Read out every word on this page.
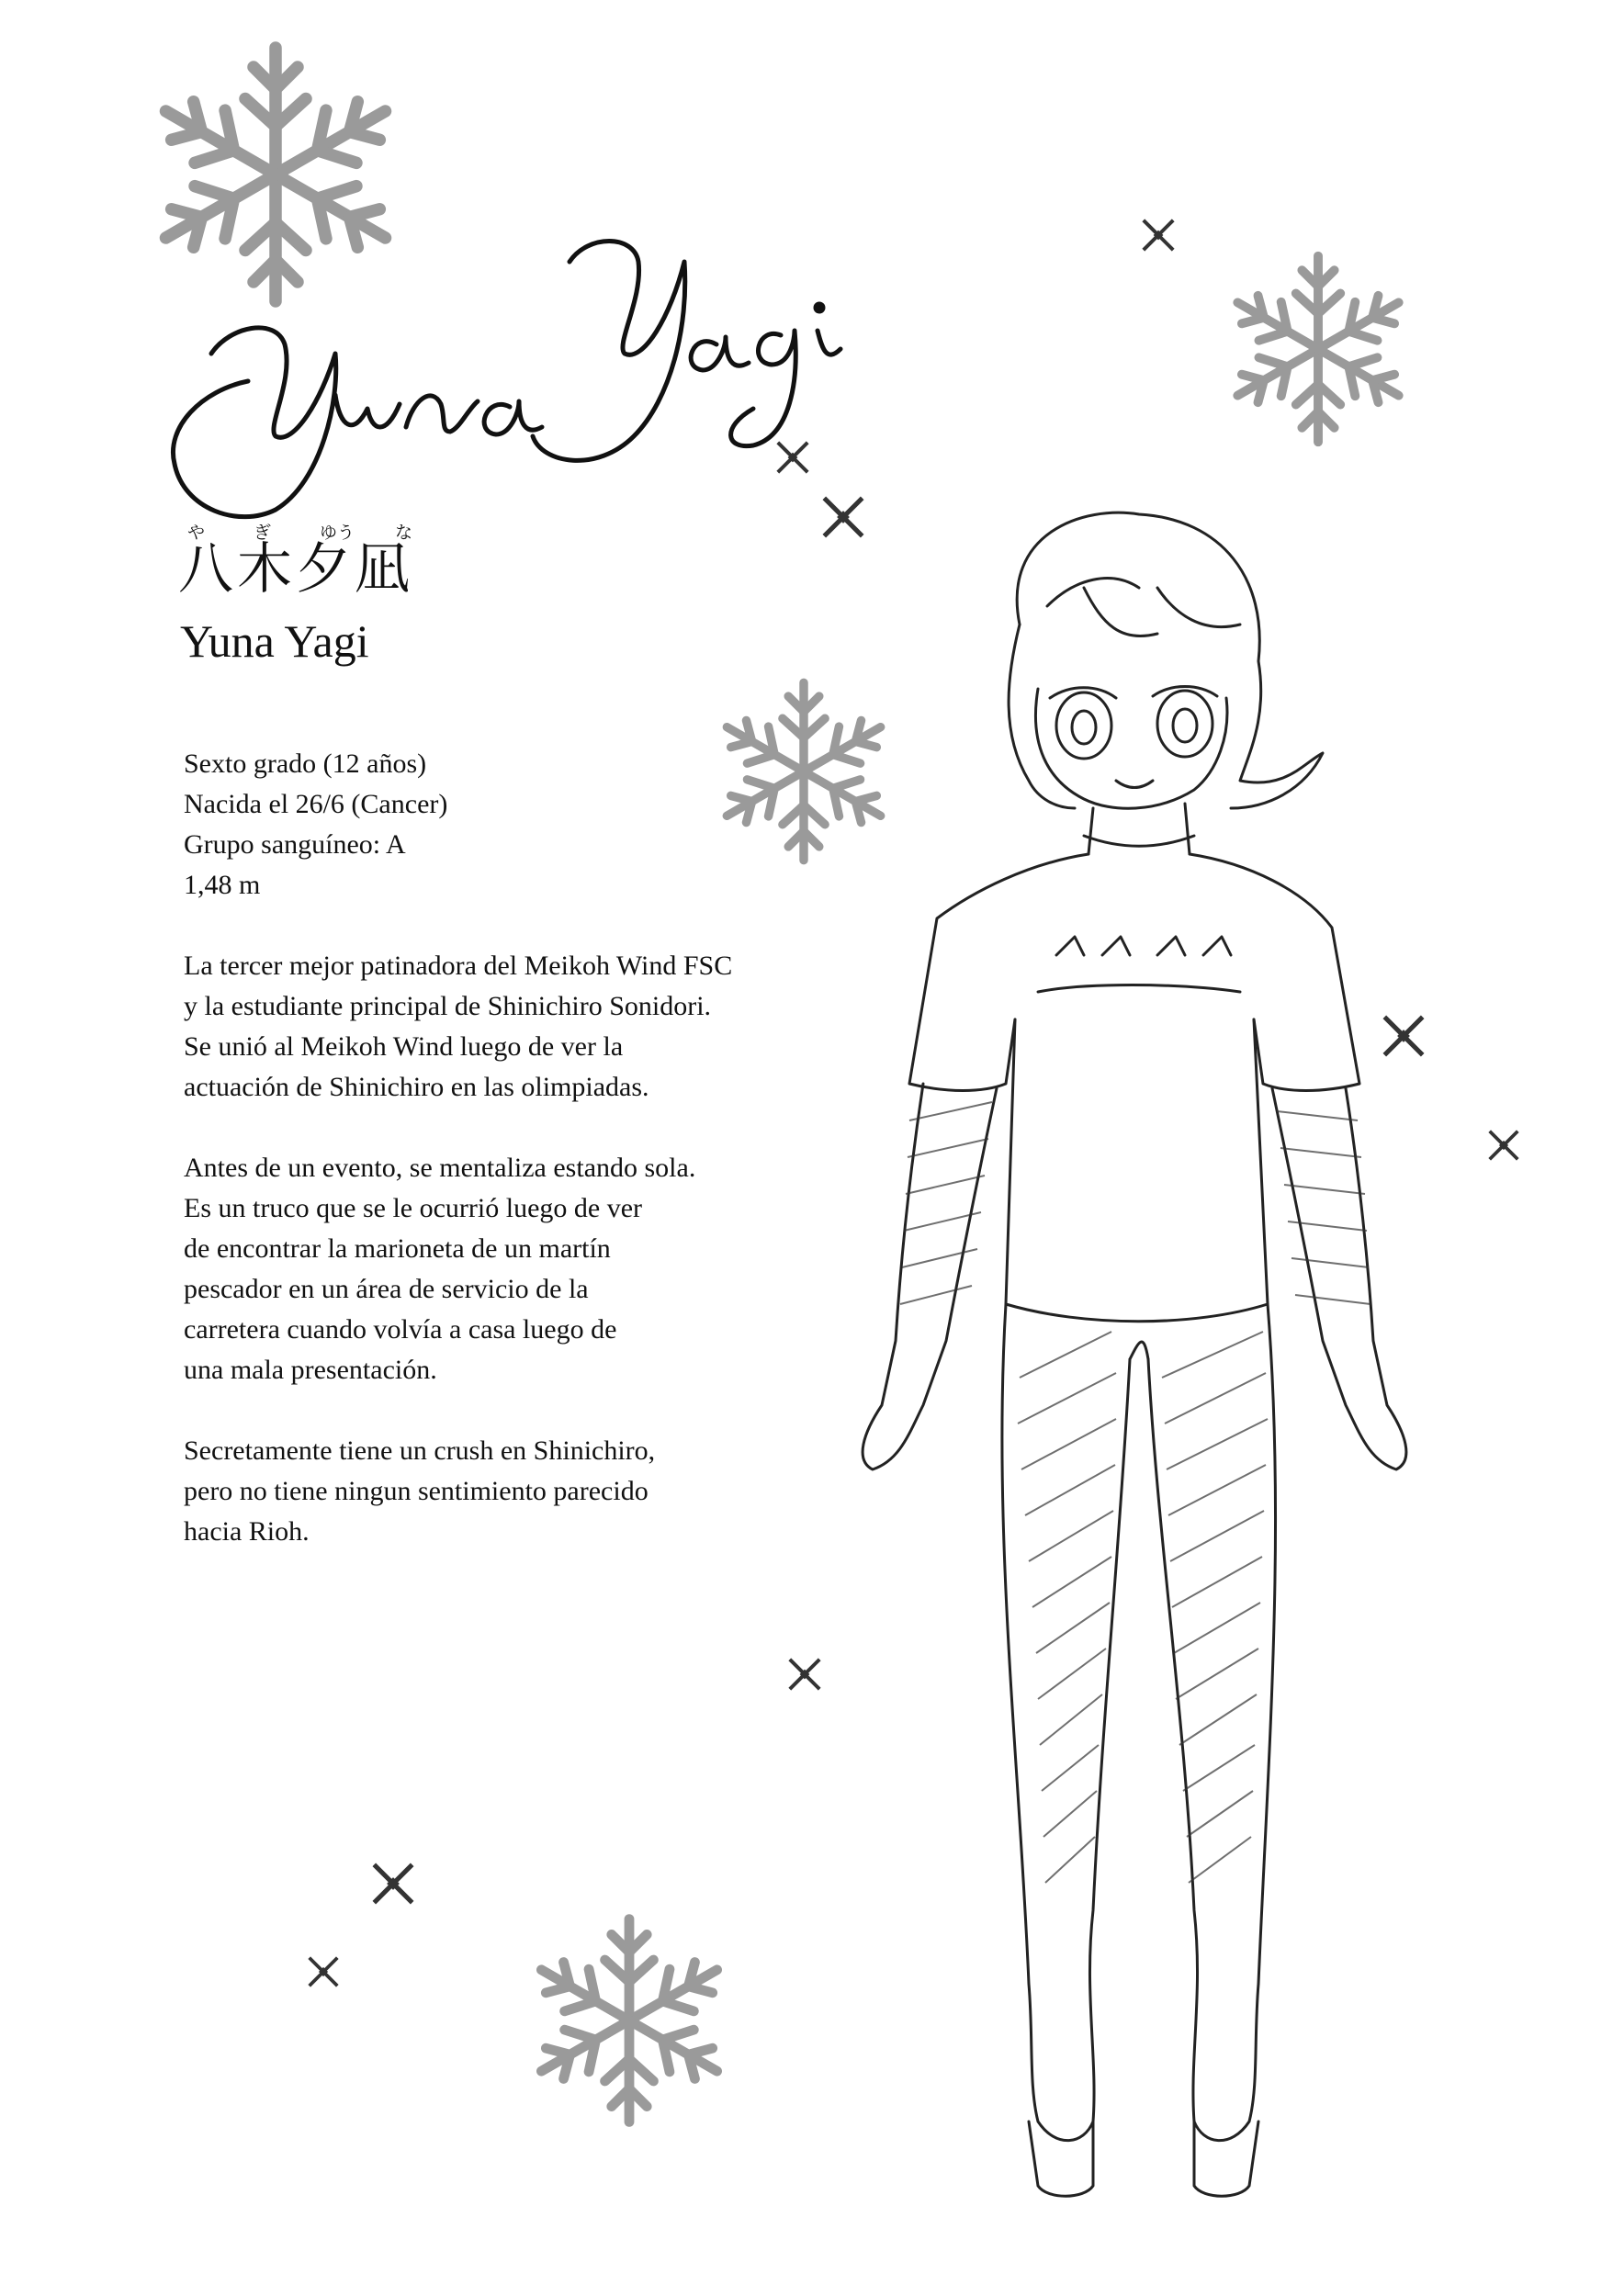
や	ぎ	ゆう な
八木夕凪
Yuna Yagi
Sexto grado (12 años)
Nacida el 26/6 (Cancer)
Grupo sanguíneo: A
1,48 m
La tercer mejor patinadora del Meikoh Wind FSC
y la estudiante principal de Shinichiro Sonidori.
Se unió al Meikoh Wind luego de ver la
actuación de Shinichiro en las olimpiadas.
Antes de un evento, se mentaliza estando sola.
Es un truco que se le ocurrió luego de ver
de encontrar la marioneta de un martín
pescador en un área de servicio de la
carretera cuando volvía a casa luego de
una mala presentación.
Secretamente tiene un crush en Shinichiro,
pero no tiene ningun sentimiento parecido
hacia Rioh.
